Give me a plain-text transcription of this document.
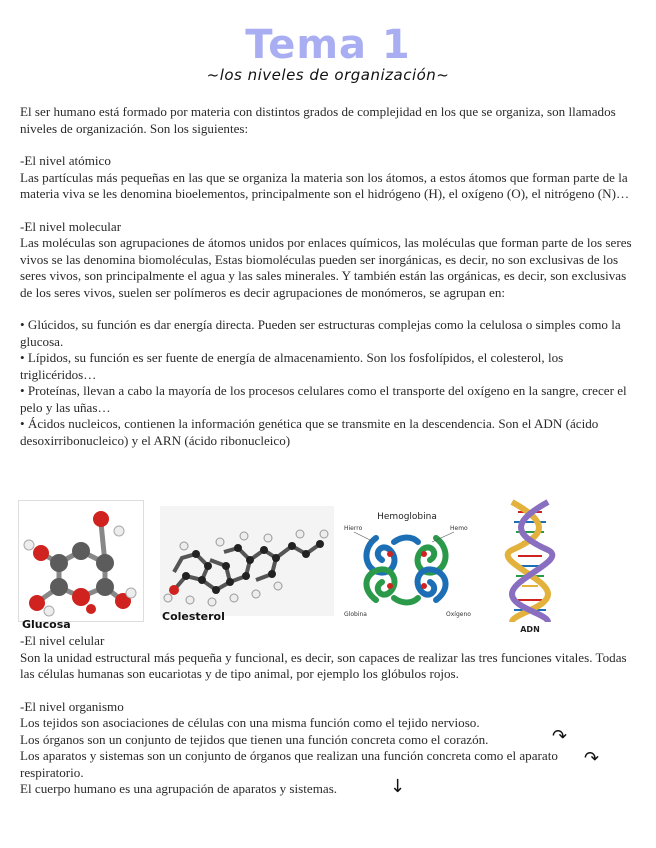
Tema 1

~los niveles de organización~

El ser humano está formado por materia con distintos grados de complejidad en los que se organiza, son llamados niveles de organización. Son los siguientes:

-El nivel atómico

Las partículas más pequeñas en las que se organiza la materia son los átomos, a estos átomos que forman parte de la materia viva se les denomina bioelementos, principalmente son el hidrógeno (H), el oxígeno (O), el nitrógeno (N)…

-El nivel molecular

Las moléculas son agrupaciones de átomos unidos por enlaces químicos, las moléculas que forman parte de los seres vivos se las denomina biomoléculas, Estas biomoléculas pueden ser inorgánicas, es decir, no son exclusivas de los seres vivos, son principalmente el agua y las sales minerales. Y también están las orgánicas, es decir, son exclusivas de los seres vivos, suelen ser polímeros es decir agrupaciones de monómeros, se agrupan en:

• Glúcidos, su función es dar energía directa. Pueden ser estructuras complejas como la celulosa o simples como la glucosa.

• Lípidos, su función es ser fuente de energía de almacenamiento. Son los fosfolípidos, el colesterol, los triglicéridos…

• Proteínas, llevan a cabo la mayoría de los procesos celulares como el transporte del oxígeno en la sangre, crecer el pelo y las uñas…

• Ácidos nucleicos, contienen la información genética que se transmite en la descendencia. Son el ADN (ácido desoxirribonucleico) y el ARN (ácido ribonucleico)

Glucosa
Colesterol
Hemoglobina
Hierro	Hemo
Globina	Oxígeno
ADN

-El nivel celular

Son la unidad estructural más pequeña y funcional, es decir, son capaces de realizar las tres funciones vitales. Todas las células humanas son eucariotas y de tipo animal, por ejemplo los glóbulos rojos.

-El nivel organismo

Los tejidos son asociaciones de células con una misma función como el tejido nervioso.

Los órganos son un conjunto de tejidos que tienen una función concreta como el corazón.

Los aparatos y sistemas son un conjunto de órganos que realizan una función concreta como el aparato respiratorio.

El cuerpo humano es una agrupación de aparatos y sistemas.

↷
↷
↓
